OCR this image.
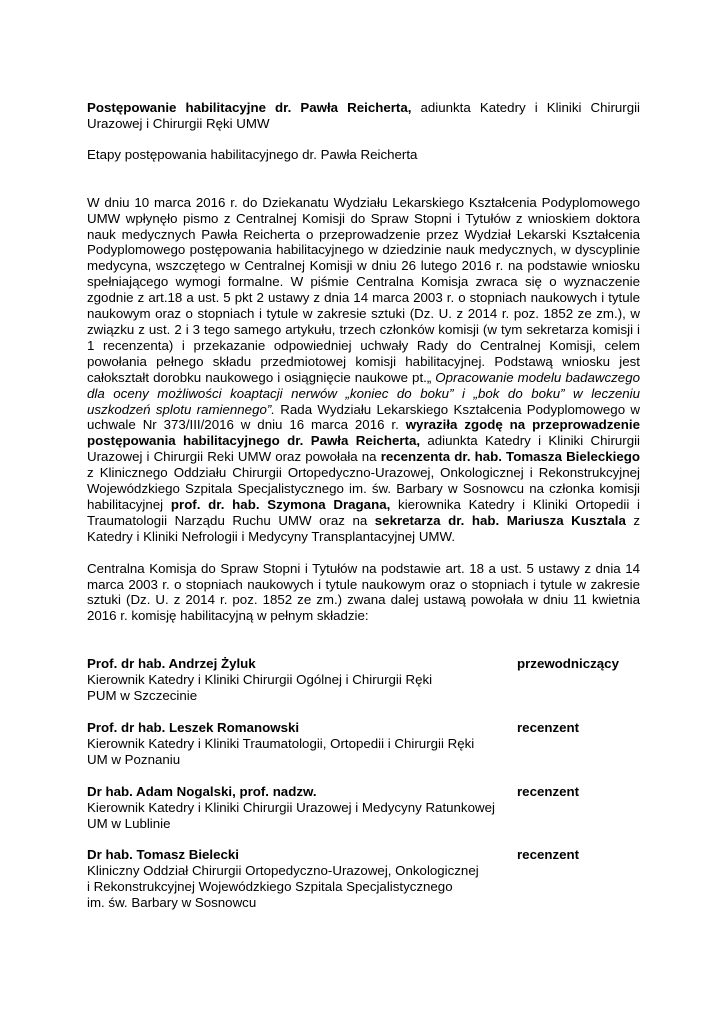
Postępowanie habilitacyjne dr. Pawła Reicherta, adiunkta Katedry i Kliniki Chirurgii Urazowej i Chirurgii Ręki UMW

Etapy postępowania habilitacyjnego dr. Pawła Reicherta

W dniu 10 marca 2016 r. do Dziekanatu Wydziału Lekarskiego Kształcenia Podyplomowego UMW wpłynęło pismo z Centralnej Komisji do Spraw Stopni i Tytułów z wnioskiem doktora nauk medycznych Pawła Reicherta o przeprowadzenie przez Wydział Lekarski Kształcenia Podyplomowego postępowania habilitacyjnego w dziedzinie nauk medycznych, w dyscyplinie medycyna, wszczętego w Centralnej Komisji w dniu 26 lutego 2016 r. na podstawie wniosku spełniającego wymogi formalne. W piśmie Centralna Komisja zwraca się o wyznaczenie zgodnie z art.18 a ust. 5 pkt 2 ustawy z dnia 14 marca 2003 r. o stopniach naukowych i tytule naukowym oraz o stopniach i tytule w zakresie sztuki (Dz. U. z 2014 r. poz. 1852 ze zm.), w związku z ust. 2 i 3 tego samego artykułu, trzech członków komisji (w tym sekretarza komisji i 1 recenzenta) i przekazanie odpowiedniej uchwały Rady do Centralnej Komisji, celem powołania pełnego składu przedmiotowej komisji habilitacyjnej. Podstawą wniosku jest całokształt dorobku naukowego i osiągnięcie naukowe pt.„ Opracowanie modelu badawczego dla oceny możliwości koaptacji nerwów „koniec do boku” i „bok do boku” w leczeniu uszkodzeń splotu ramiennego”. Rada Wydziału Lekarskiego Kształcenia Podyplomowego w uchwale Nr 373/III/2016 w dniu 16 marca 2016 r. wyraziła zgodę na przeprowadzenie postępowania habilitacyjnego dr. Pawła Reicherta, adiunkta Katedry i Kliniki Chirurgii Urazowej i Chirurgii Reki UMW oraz powołała na recenzenta dr. hab. Tomasza Bieleckiego z Klinicznego Oddziału Chirurgii Ortopedyczno-Urazowej, Onkologicznej i Rekonstrukcyjnej Wojewódzkiego Szpitala Specjalistycznego im. św. Barbary w Sosnowcu na członka komisji habilitacyjnej prof. dr. hab. Szymona Dragana, kierownika Katedry i Kliniki Ortopedii i Traumatologii Narządu Ruchu UMW oraz na sekretarza dr. hab. Mariusza Kusztala z Katedry i Kliniki Nefrologii i Medycyny Transplantacyjnej UMW.

Centralna Komisja do Spraw Stopni i Tytułów na podstawie art. 18 a ust. 5 ustawy z dnia 14 marca 2003 r. o stopniach naukowych i tytule naukowym oraz o stopniach i tytule w zakresie sztuki (Dz. U. z 2014 r. poz. 1852 ze zm.) zwana dalej ustawą powołała w dniu 11 kwietnia 2016 r. komisję habilitacyjną w pełnym składzie:

Prof. dr hab. Andrzej Żyluk
Kierownik Katedry i Kliniki Chirurgii Ogólnej i Chirurgii Ręki
PUM w Szczecinie
przewodniczący
Prof. dr hab. Leszek Romanowski
Kierownik Katedry i Kliniki Traumatologii, Ortopedii i Chirurgii Ręki
UM w Poznaniu
recenzent
Dr hab. Adam Nogalski, prof. nadzw.
Kierownik Katedry i Kliniki Chirurgii Urazowej i Medycyny Ratunkowej
UM w Lublinie
recenzent
Dr hab. Tomasz Bielecki
Kliniczny Oddział Chirurgii Ortopedyczno-Urazowej, Onkologicznej
i Rekonstrukcyjnej Wojewódzkiego Szpitala Specjalistycznego
im. św. Barbary w Sosnowcu
recenzent
